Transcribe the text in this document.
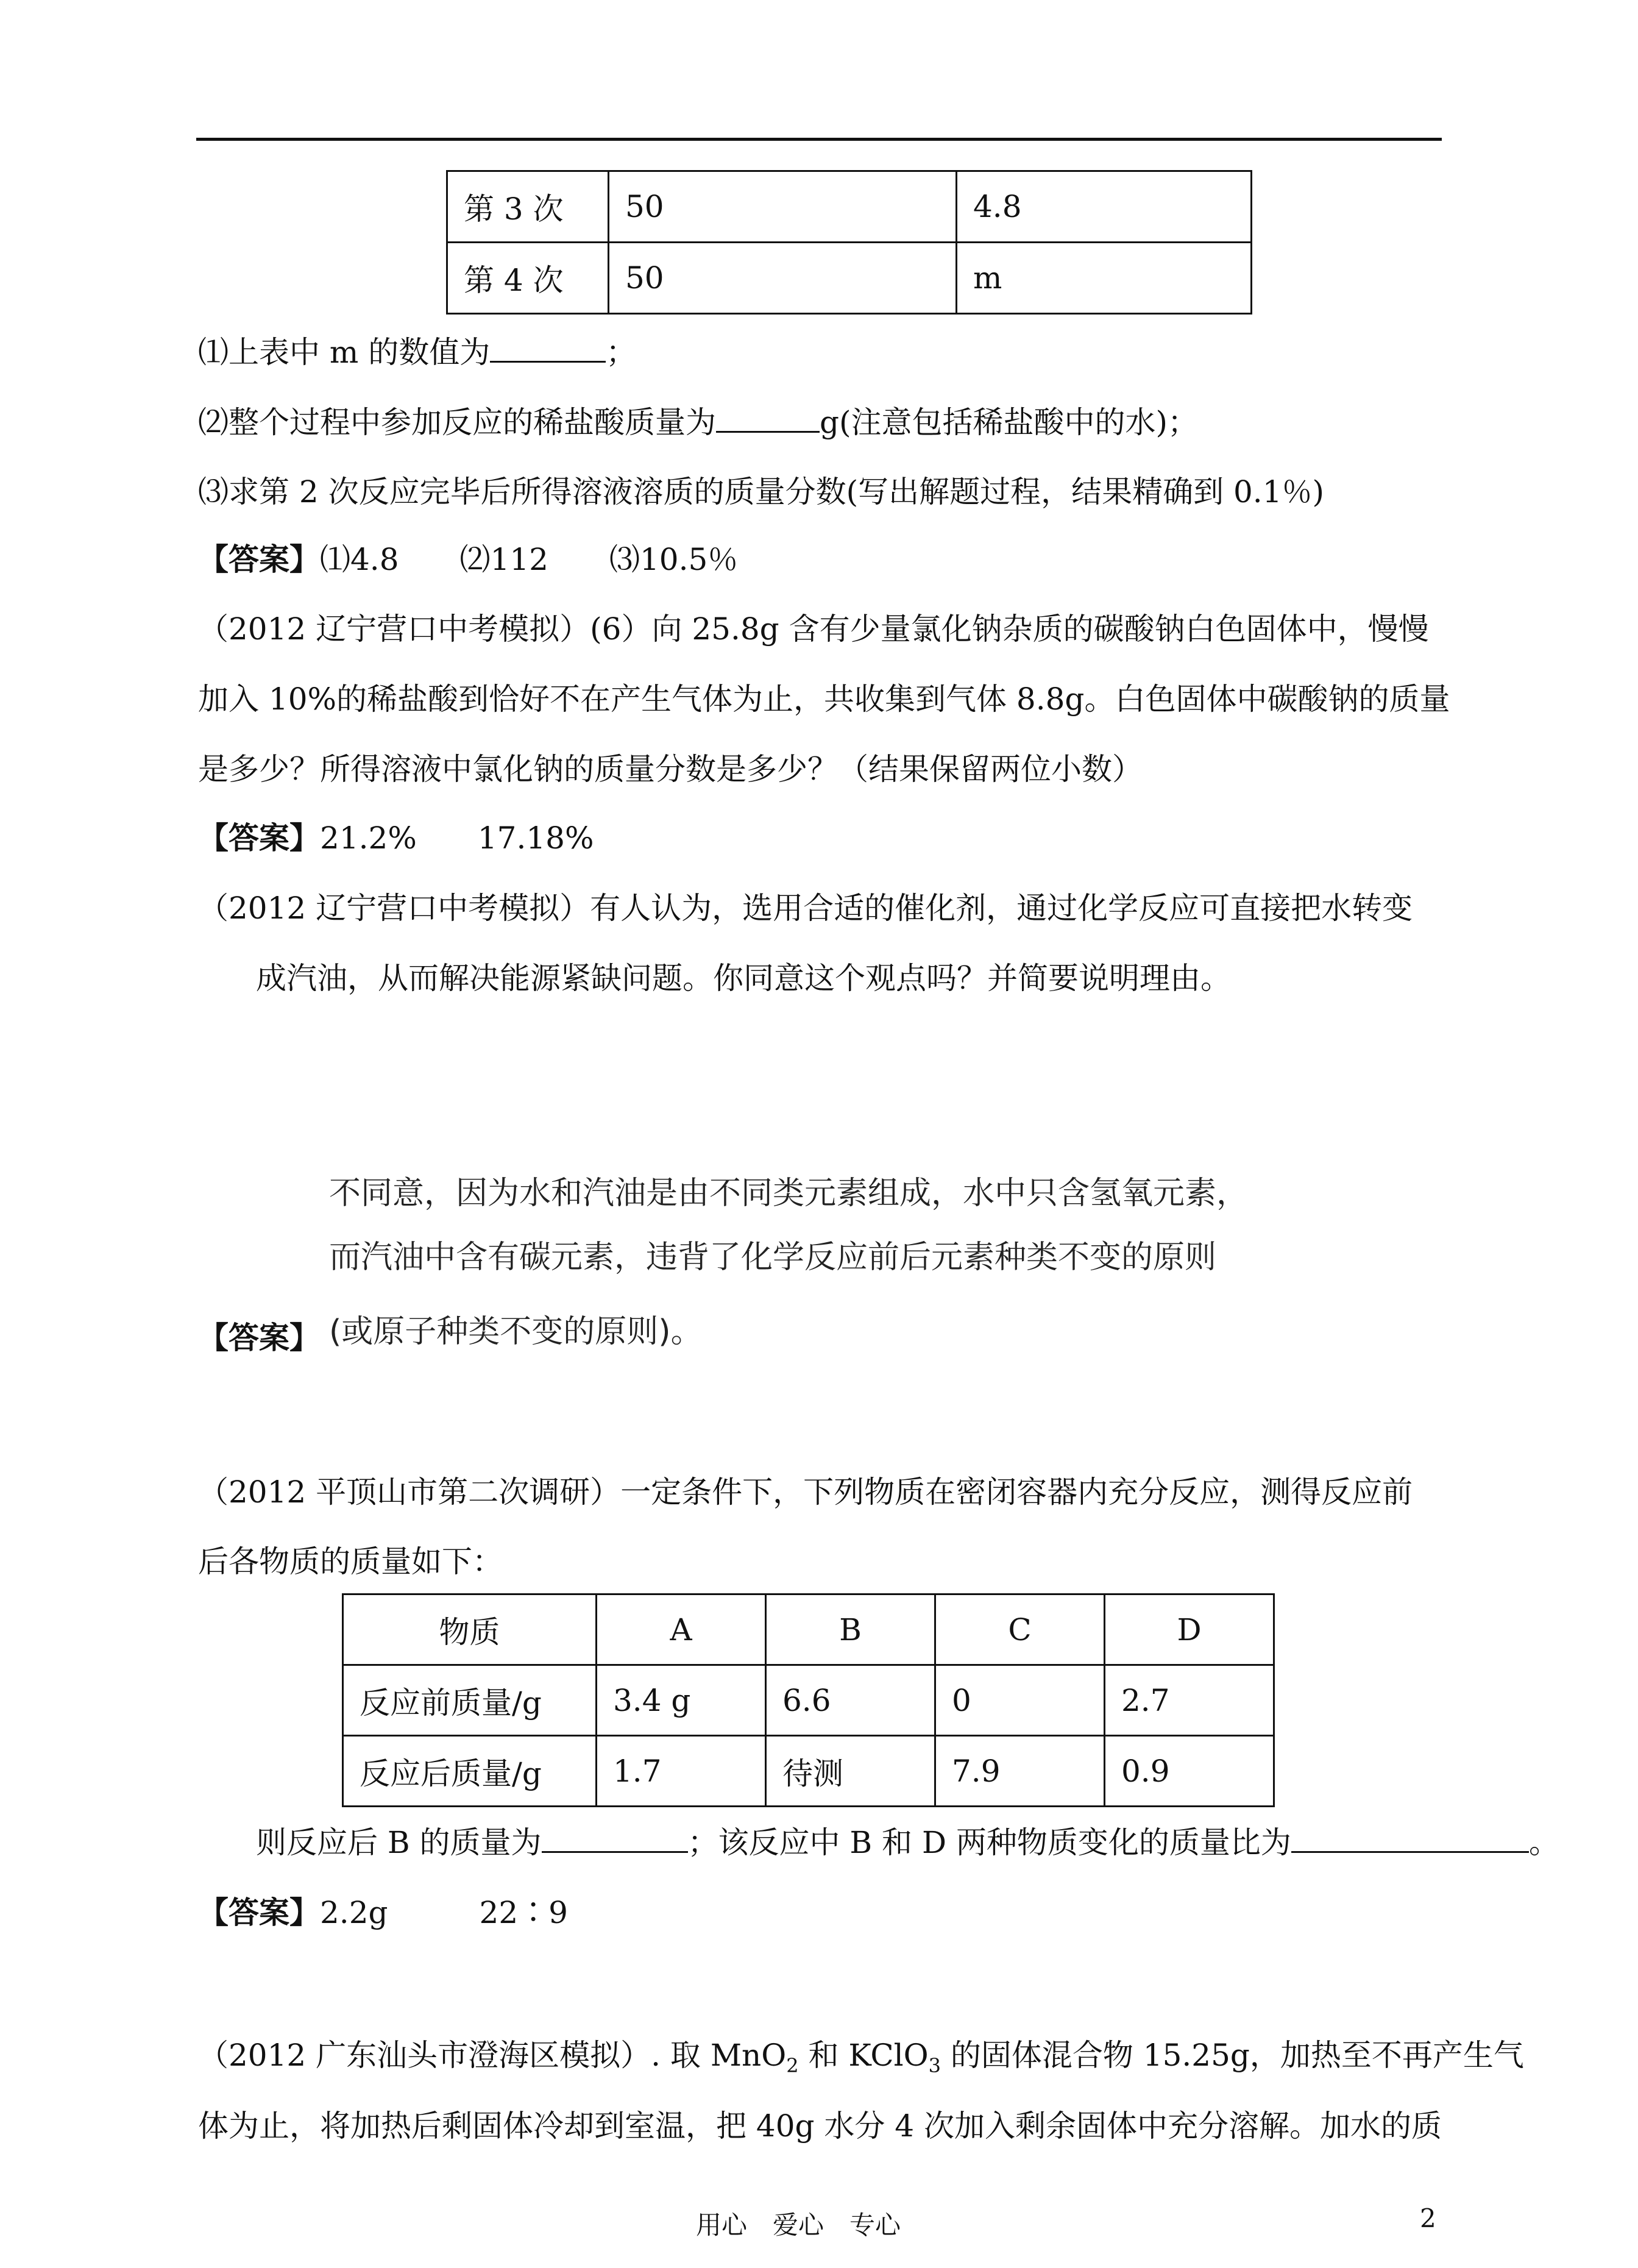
第 3 次	50	4.8
第 4 次	50	m
⑴上表中 m 的数值为	；
⑵整个过程中参加反应的稀盐酸质量为	g(注意包括稀盐酸中的水)；
⑶求第 2 次反应完毕后所得溶液溶质的质量分数(写出解题过程，结果精确到 0.1％)
【答案】⑴4.8　　⑵112　　⑶10.5％
（2012 辽宁营口中考模拟）(6）向 25.8g 含有少量氯化钠杂质的碳酸钠白色固体中，慢慢
加入 10%的稀盐酸到恰好不在产生气体为止，共收集到气体 8.8g。白色固体中碳酸钠的质量
是多少？所得溶液中氯化钠的质量分数是多少？（结果保留两位小数）
【答案】21.2%　　17.18%
（2012 辽宁营口中考模拟）有人认为，选用合适的催化剂，通过化学反应可直接把水转变
成汽油，从而解决能源紧缺问题。你同意这个观点吗？并简要说明理由。
不同意，因为水和汽油是由不同类元素组成，水中只含氢氧元素，
而汽油中含有碳元素，违背了化学反应前后元素种类不变的原则
【答案】 (或原子种类不变的原则)。
（2012 平顶山市第二次调研）一定条件下，下列物质在密闭容器内充分反应，测得反应前
后各物质的质量如下：
物质	A	B	C	D
反应前质量/g	3.4 g	6.6	0	2.7
反应后质量/g	1.7	待测	7.9	0.9
则反应后 B 的质量为	；该反应中 B 和 D 两种物质变化的质量比为	。
【答案】2.2g　　　22∶9
（2012 广东汕头市澄海区模拟）. 取 MnO$_2$ 和 KClO$_3$ 的固体混合物 15.25g，加热至不再产生气
体为止，将加热后剩固体冷却到室温，把 40g 水分 4 次加入剩余固体中充分溶解。加水的质
用心　爱心　专心	2
